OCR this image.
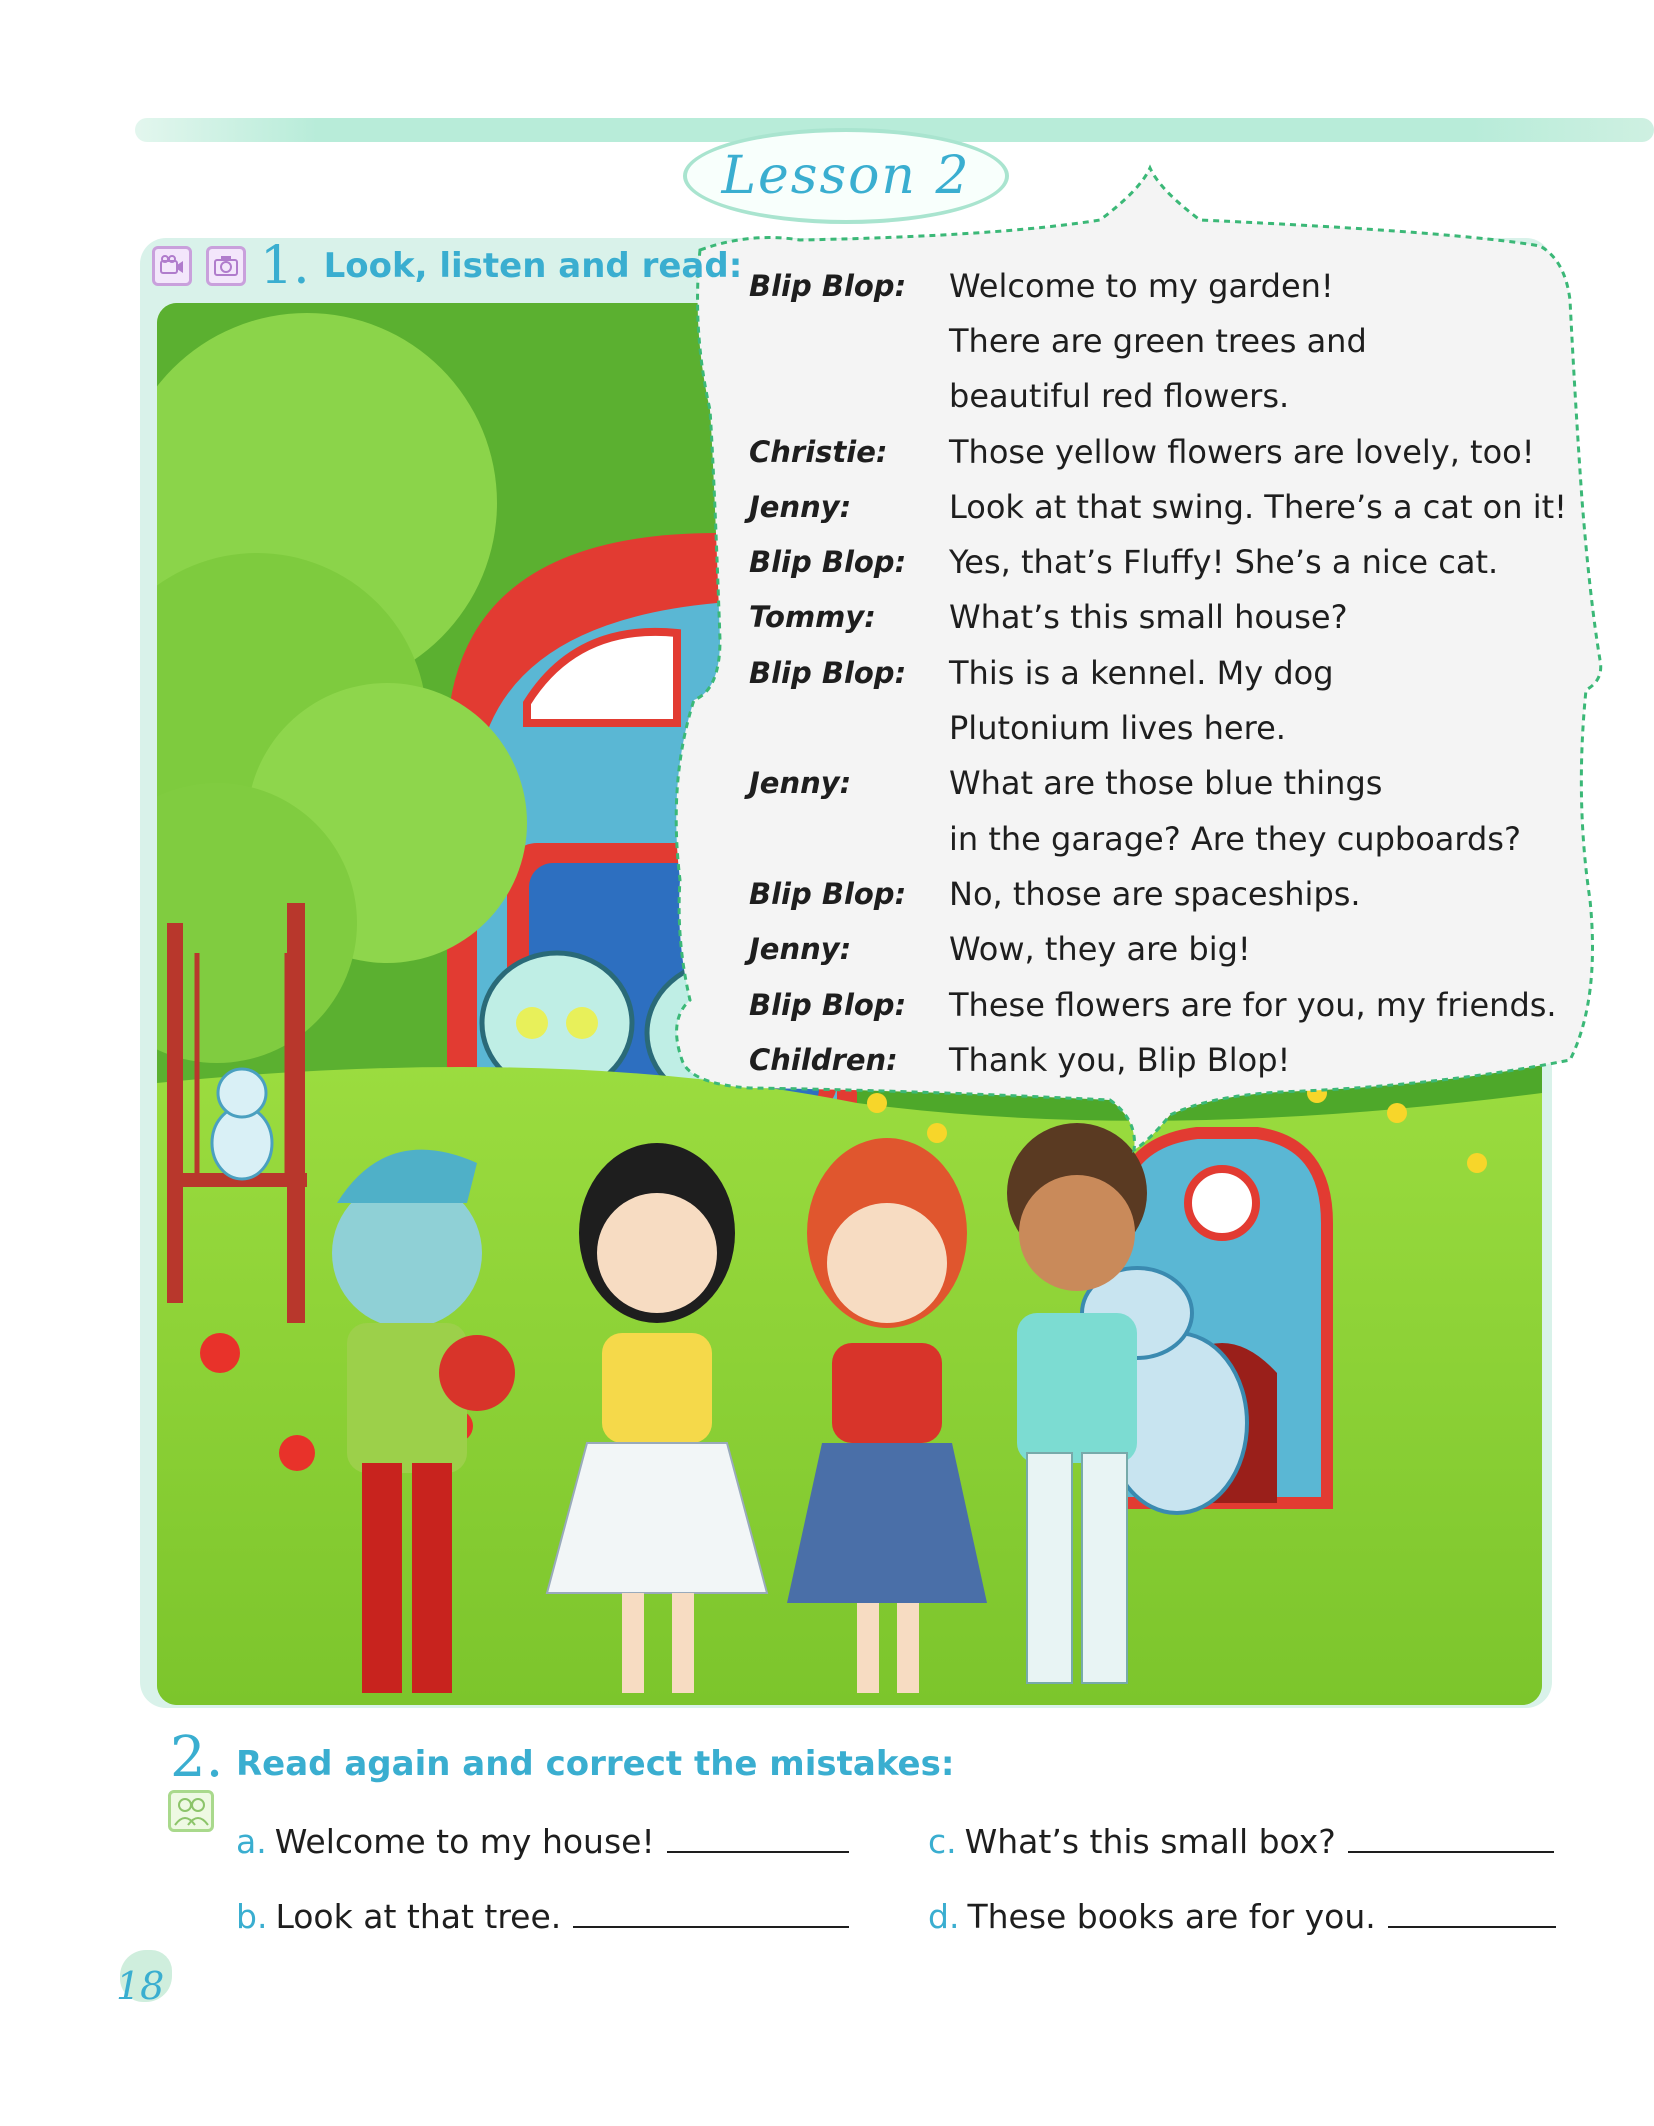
Lesson 2
1. Look, listen and read: Blip Blop:	Welcome to my garden!
There are green trees and
beautiful red flowers.
Christie:	Those yellow flowers are lovely, too!
Jenny:	Look at that swing. There’s a cat on it!
Blip Blop:	Yes, that’s Fluffy! She’s a nice cat.
Tommy:	What’s this small house?
Blip Blop:	This is a kennel. My dog
Plutonium lives here.
Jenny:	What are those blue things
in the garage? Are they cupboards?
Blip Blop:	No, those are spaceships.
Jenny:	Wow, they are big!
Blip Blop:	These flowers are for you, my friends.
Children:	Thank you, Blip Blop!
2. Read again and correct the mistakes:
a. Welcome to my house!
b. Look at that tree.
c. What’s this small box?
d. These books are for you.
18
